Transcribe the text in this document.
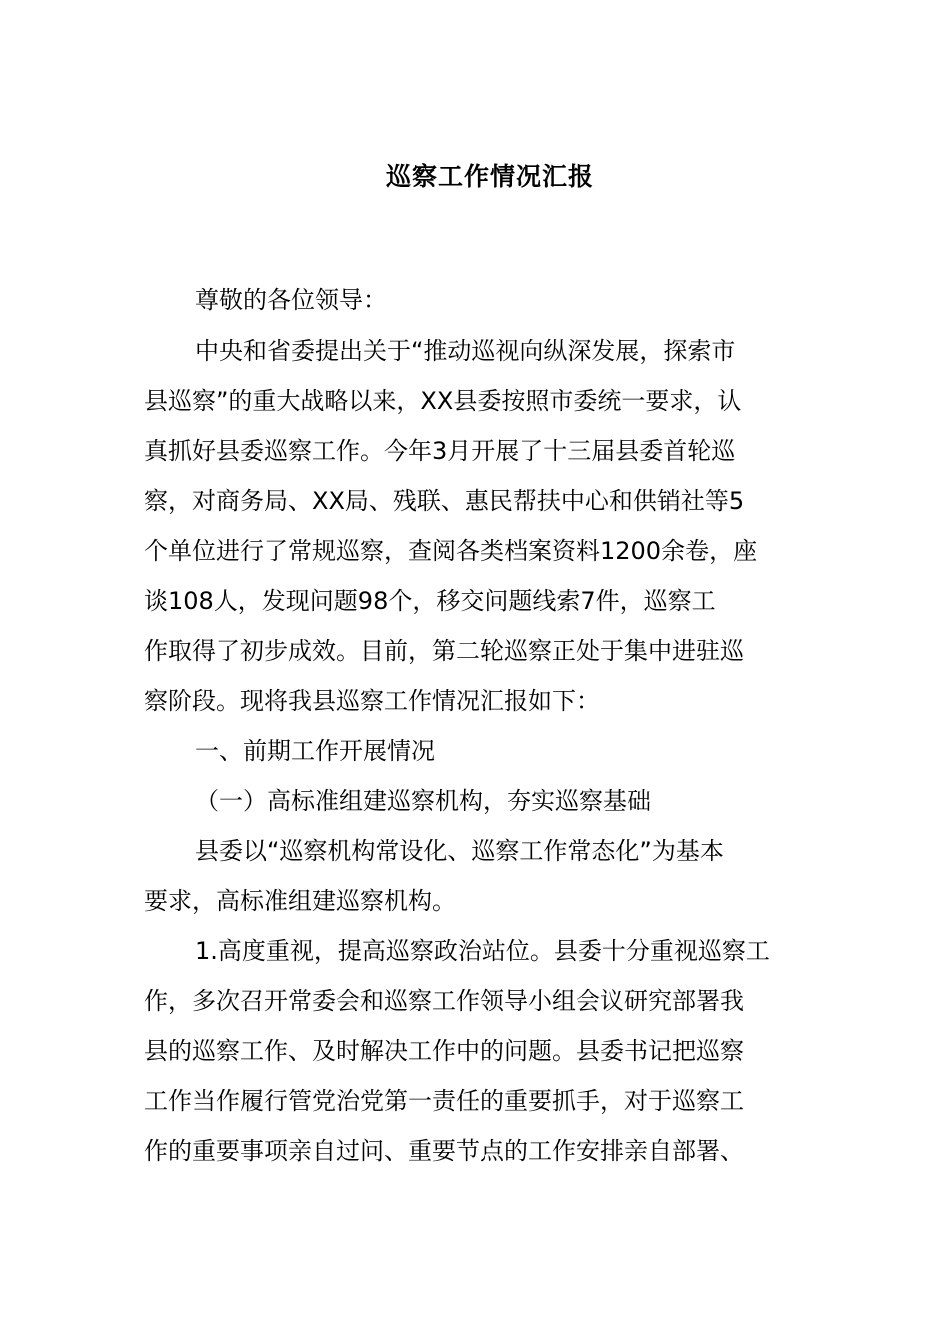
巡察工作情况汇报
尊敬的各位领导：
中央和省委提出关于“推动巡视向纵深发展，探索市
县巡察”的重大战略以来，XX县委按照市委统一要求，认
真抓好县委巡察工作。今年3月开展了十三届县委首轮巡
察，对商务局、XX局、残联、惠民帮扶中心和供销社等5
个单位进行了常规巡察，查阅各类档案资料1200余卷，座
谈108人，发现问题98个，移交问题线索7件，巡察工
作取得了初步成效。目前，第二轮巡察正处于集中进驻巡
察阶段。现将我县巡察工作情况汇报如下：
一、前期工作开展情况
（一）高标准组建巡察机构，夯实巡察基础
县委以“巡察机构常设化、巡察工作常态化”为基本
要求，高标准组建巡察机构。
1.高度重视，提高巡察政治站位。县委十分重视巡察工
作，多次召开常委会和巡察工作领导小组会议研究部署我
县的巡察工作、及时解决工作中的问题。县委书记把巡察
工作当作履行管党治党第一责任的重要抓手，对于巡察工
作的重要事项亲自过问、重要节点的工作安排亲自部署、
